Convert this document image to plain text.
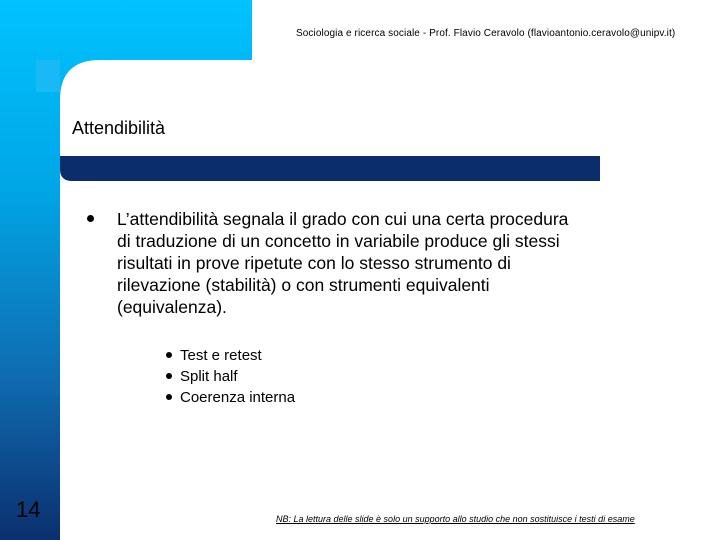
Sociologia e ricerca sociale - Prof. Flavio Ceravolo (flavioantonio.ceravolo@unipv.it)
Attendibilità
L’attendibilità segnala il grado con cui una certa procedura
di traduzione di un concetto in variabile produce gli stessi
risultati in prove ripetute con lo stesso strumento di
rilevazione (stabilità) o con strumenti equivalenti
(equivalenza).
Test e retest
Split half
Coerenza interna
14	NB: La lettura delle slide è solo un supporto allo studio che non sostituisce i testi di esame
